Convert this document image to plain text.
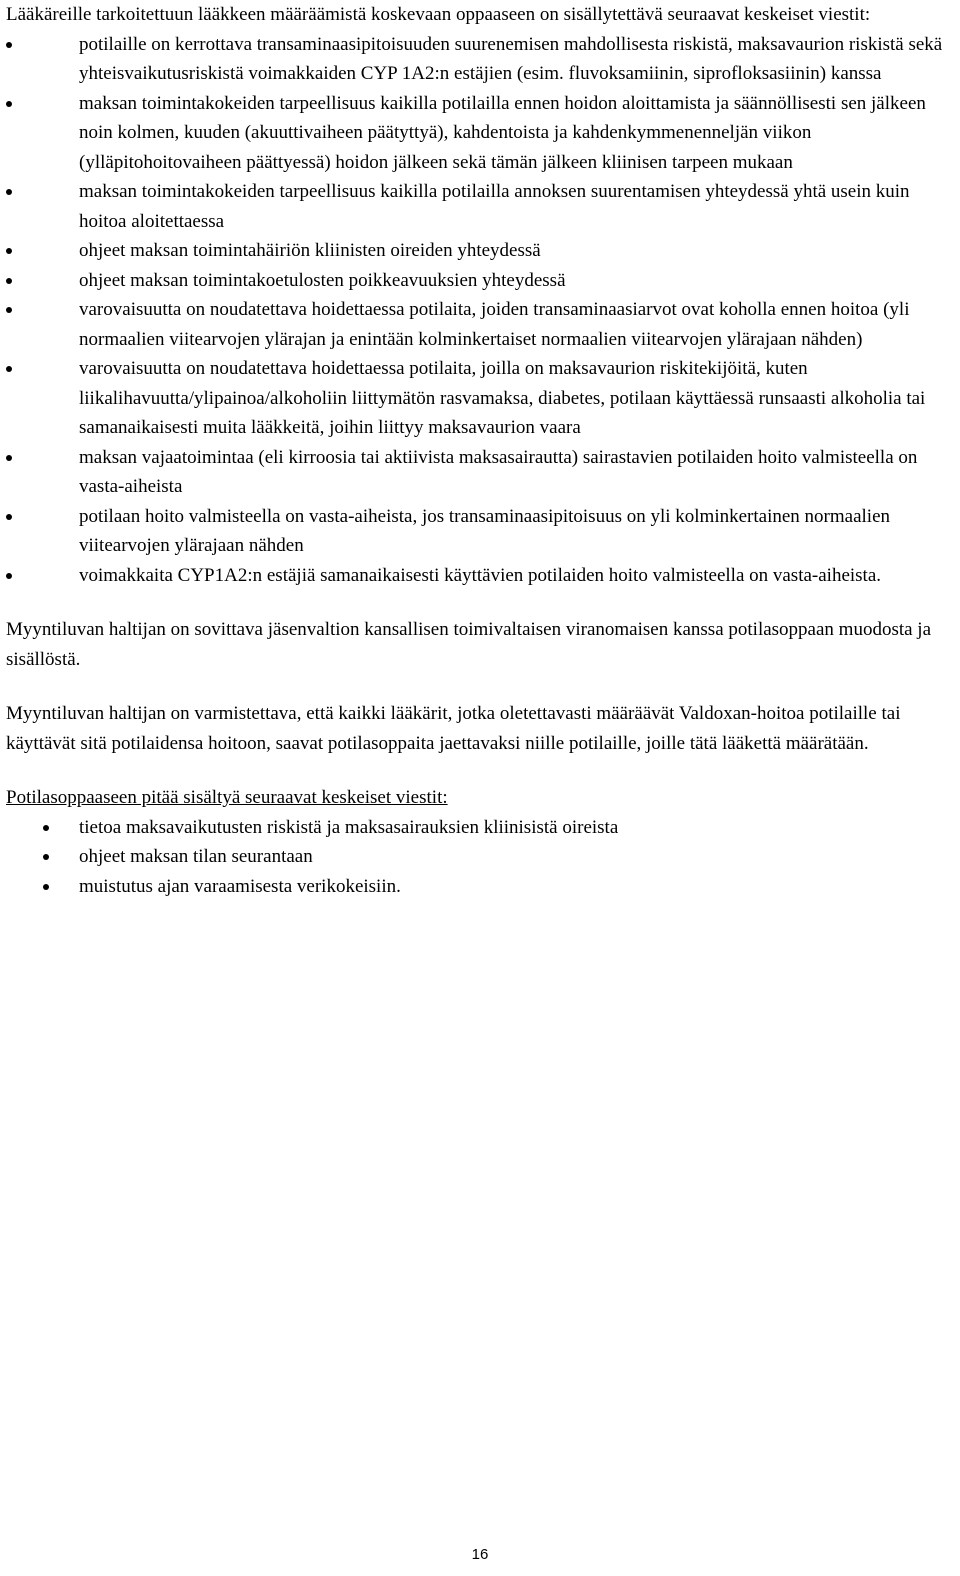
Lääkäreille tarkoitettuun lääkkeen määräämistä koskevaan oppaaseen on sisällytettävä seuraavat keskeiset viestit:

potilaille on kerrottava transaminaasipitoisuuden suurenemisen mahdollisesta riskistä, maksavaurion riskistä sekä yhteisvaikutusriskistä voimakkaiden CYP 1A2:n estäjien (esim. fluvoksamiinin, siprofloksasiinin) kanssa
maksan toimintakokeiden tarpeellisuus kaikilla potilailla ennen hoidon aloittamista ja säännöllisesti sen jälkeen noin kolmen, kuuden (akuuttivaiheen päätyttyä), kahdentoista ja kahdenkymmenenneljän viikon (ylläpitohoitovaiheen päättyessä) hoidon jälkeen sekä tämän jälkeen kliinisen tarpeen mukaan
maksan toimintakokeiden tarpeellisuus kaikilla potilailla annoksen suurentamisen yhteydessä yhtä usein kuin hoitoa aloitettaessa
ohjeet maksan toimintahäiriön kliinisten oireiden yhteydessä
ohjeet maksan toimintakoetulosten poikkeavuuksien yhteydessä
varovaisuutta on noudatettava hoidettaessa potilaita, joiden transaminaasiarvot ovat koholla ennen hoitoa (yli normaalien viitearvojen ylärajan ja enintään kolminkertaiset normaalien viitearvojen ylärajaan nähden)
varovaisuutta on noudatettava hoidettaessa potilaita, joilla on maksavaurion riskitekijöitä, kuten liikalihavuutta/ylipainoa/alkoholiin liittymätön rasvamaksa, diabetes, potilaan käyttäessä runsaasti alkoholia tai samanaikaisesti muita lääkkeitä, joihin liittyy maksavaurion vaara
maksan vajaatoimintaa (eli kirroosia tai aktiivista maksasairautta) sairastavien potilaiden hoito valmisteella on vasta-aiheista
potilaan hoito valmisteella on vasta-aiheista, jos transaminaasipitoisuus on yli kolminkertainen normaalien viitearvojen ylärajaan nähden
voimakkaita CYP1A2:n estäjiä samanaikaisesti käyttävien potilaiden hoito valmisteella on vasta-aiheista.

Myyntiluvan haltijan on sovittava jäsenvaltion kansallisen toimivaltaisen viranomaisen kanssa potilasoppaan muodosta ja sisällöstä.

Myyntiluvan haltijan on varmistettava, että kaikki lääkärit, jotka oletettavasti määräävät Valdoxan-hoitoa potilaille tai käyttävät sitä potilaidensa hoitoon, saavat potilasoppaita jaettavaksi niille potilaille, joille tätä lääkettä määrätään.

Potilasoppaaseen pitää sisältyä seuraavat keskeiset viestit:

tietoa maksavaikutusten riskistä ja maksasairauksien kliinisistä oireista
ohjeet maksan tilan seurantaan
muistutus ajan varaamisesta verikokeisiin.
16
